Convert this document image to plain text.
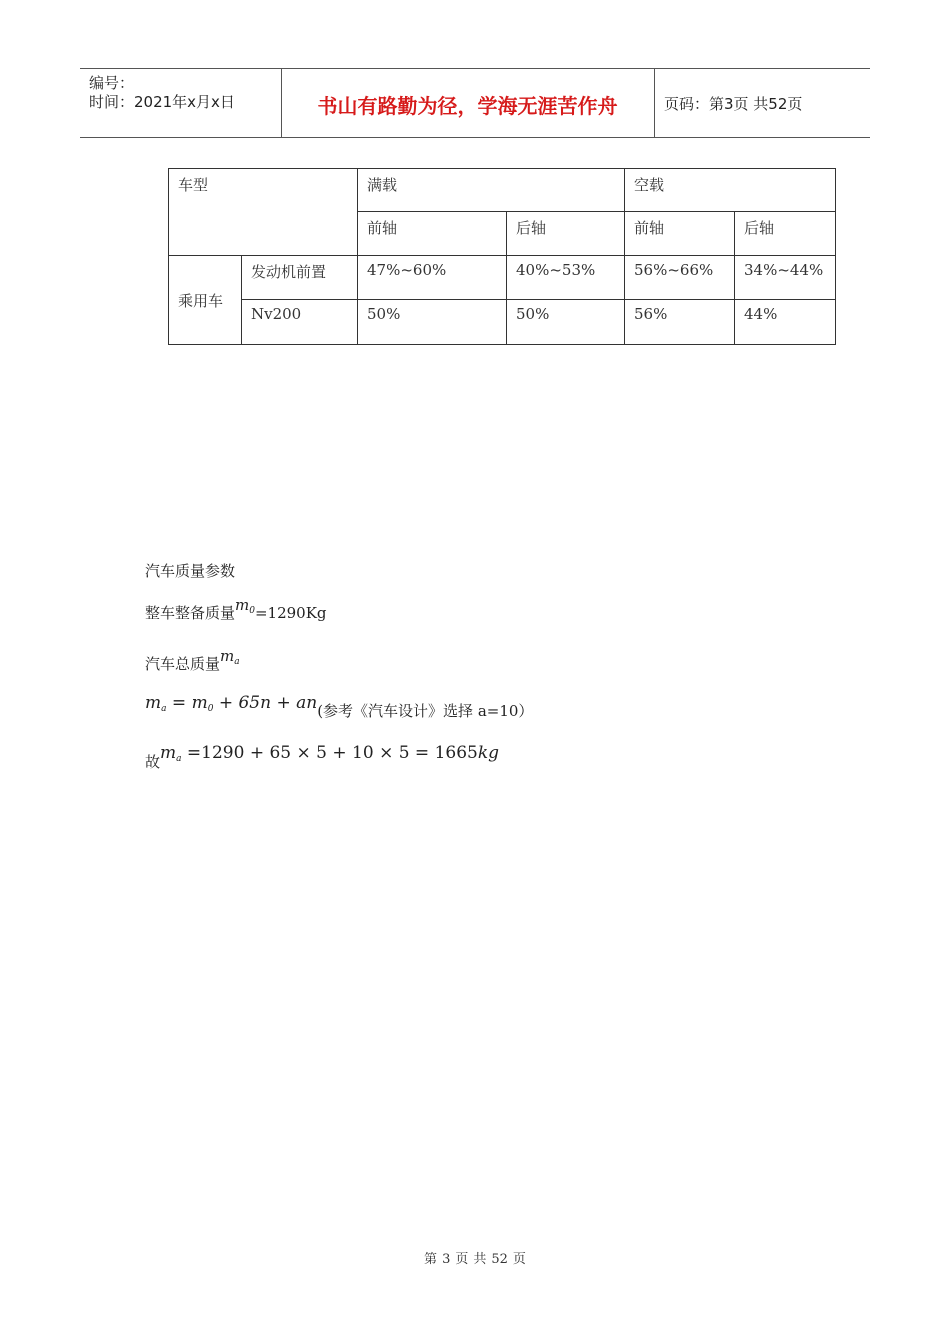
编号：
时间：2021年x月x日	书山有路勤为径，学海无涯苦作舟	页码：第3页 共52页
车型		满载		空载	
		前轴	后轴	前轴	后轴
乘用车	发动机前置	47%~60%	40%~53%	56%~66%	34%~44%
	Nv200	50%	50%	56%	44%
汽车质量参数
整车整备质量$m_0=1290Kg$
汽车总质量$m_a$
$m_a = m_0 + 65n + an$(参考《汽车设计》选择 a=10）
故$m_a =1290 + 65 \times 5 + 10 \times 5 = 1665kg$
第 3 页 共 52 页
